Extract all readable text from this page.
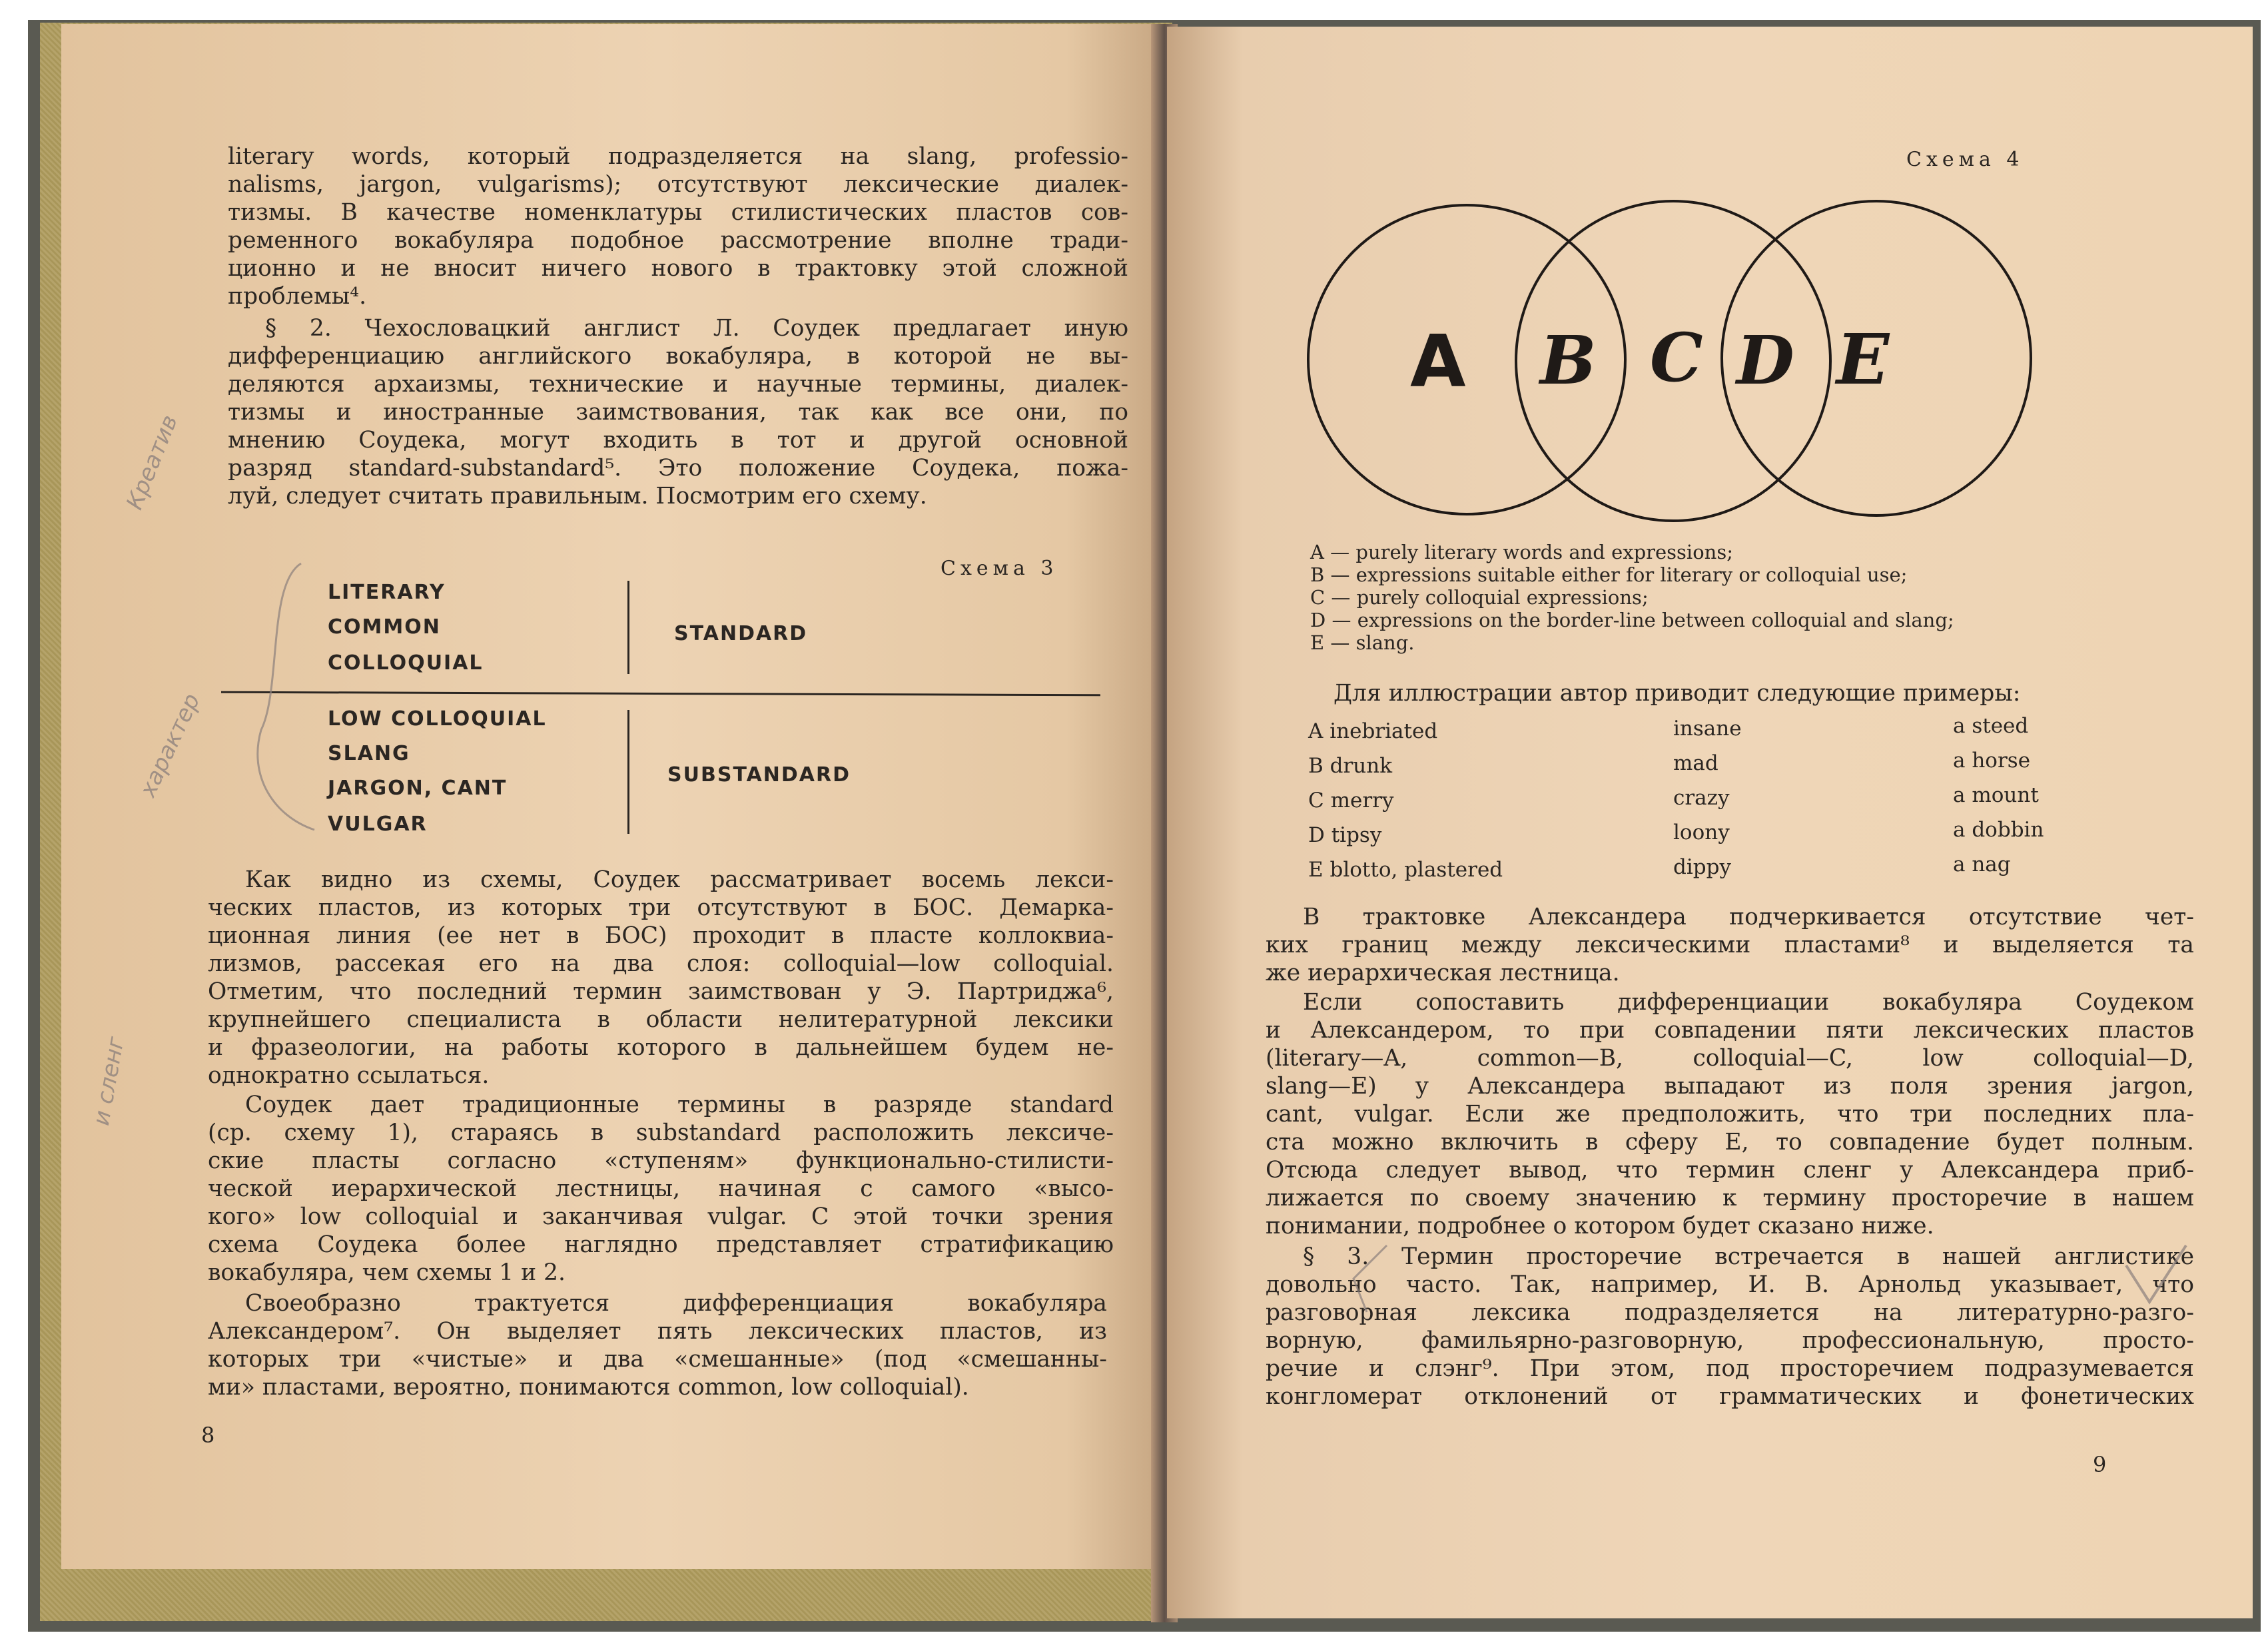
literary words, который подразделяется на slang, professio-
nalisms, jargon, vulgarisms); отсутствуют лексические диалек-
тизмы. В качестве номенклатуры стилистических пластов сов-
ременного вокабуляра подобное рассмотрение вполне тради-
ционно и не вносит ничего нового в трактовку этой сложной
проблемы⁴.
§ 2. Чехословацкий англист Л. Соудек предлагает иную
дифференциацию английского вокабуляра, в которой не вы-
деляются архаизмы, технические и научные термины, диалек-
тизмы и иностранные заимствования, так как все они, по
мнению Соудека, могут входить в тот и другой основной
разряд standard-substandard⁵. Это положение Соудека, пожа-
луй, следует считать правильным. Посмотрим его схему.
Схема 3
LITERARY
COMMON
COLLOQUIAL
STANDARD
LOW COLLOQUIAL
SLANG
JARGON, CANT
VULGAR
SUBSTANDARD
Как видно из схемы, Соудек рассматривает восемь лекси-
ческих пластов, из которых три отсутствуют в БОС. Демарка-
ционная линия (ее нет в БОС) проходит в пласте коллоквиа-
лизмов, рассекая его на два слоя: colloquial—low colloquial.
Отметим, что последний термин заимствован у Э. Партриджа⁶,
крупнейшего специалиста в области нелитературной лексики
и фразеологии, на работы которого в дальнейшем будем не-
однократно ссылаться.
Соудек дает традиционные термины в разряде standard
(ср. схему 1), стараясь в substandard расположить лексиче-
ские пласты согласно «ступеням» функционально-стилисти-
ческой иерархической лестницы, начиная с самого «высо-
кого» low colloquial и заканчивая vulgar. С этой точки зрения
схема Соудека более наглядно представляет стратификацию
вокабуляра, чем схемы 1 и 2.
Своеобразно трактуется дифференциация вокабуляра
Александером⁷. Он выделяет пять лексических пластов, из
которых три «чистые» и два «смешанные» (под «смешанны-
ми» пластами, вероятно, понимаются common, low colloquial).
8
Креатив
характер
и сленг
Схема 4
A B C D E
A — purely literary words and expressions;
B — expressions suitable either for literary or colloquial use;
C — purely colloquial expressions;
D — expressions on the border-line between colloquial and slang;
E — slang.
Для иллюстрации автор приводит следующие примеры:
A inebriated
B drunk
C merry
D tipsy
E blotto, plastered
insane
mad
crazy
loony
dippy
a steed
a horse
a mount
a dobbin
a nag
В трактовке Александера подчеркивается отсутствие чет-
ких границ между лексическими пластами⁸ и выделяется та
же иерархическая лестница.
Если сопоставить дифференциации вокабуляра Соудеком
и Александером, то при совпадении пяти лексических пластов
(literary—A, common—B, colloquial—C, low colloquial—D,
slang—E) у Александера выпадают из поля зрения jargon,
cant, vulgar. Если же предположить, что три последних пла-
ста можно включить в сферу E, то совпадение будет полным.
Отсюда следует вывод, что термин сленг у Александера приб-
лижается по своему значению к термину просторечие в нашем
понимании, подробнее о котором будет сказано ниже.
§ 3. Термин просторечие встречается в нашей англистике
довольно часто. Так, например, И. В. Арнольд указывает, что
разговорная лексика подразделяется на литературно-разго-
ворную, фамильярно-разговорную, профессиональную, просто-
речие и слэнг⁹. При этом, под просторечием подразумевается
конгломерат отклонений от грамматических и фонетических
9
